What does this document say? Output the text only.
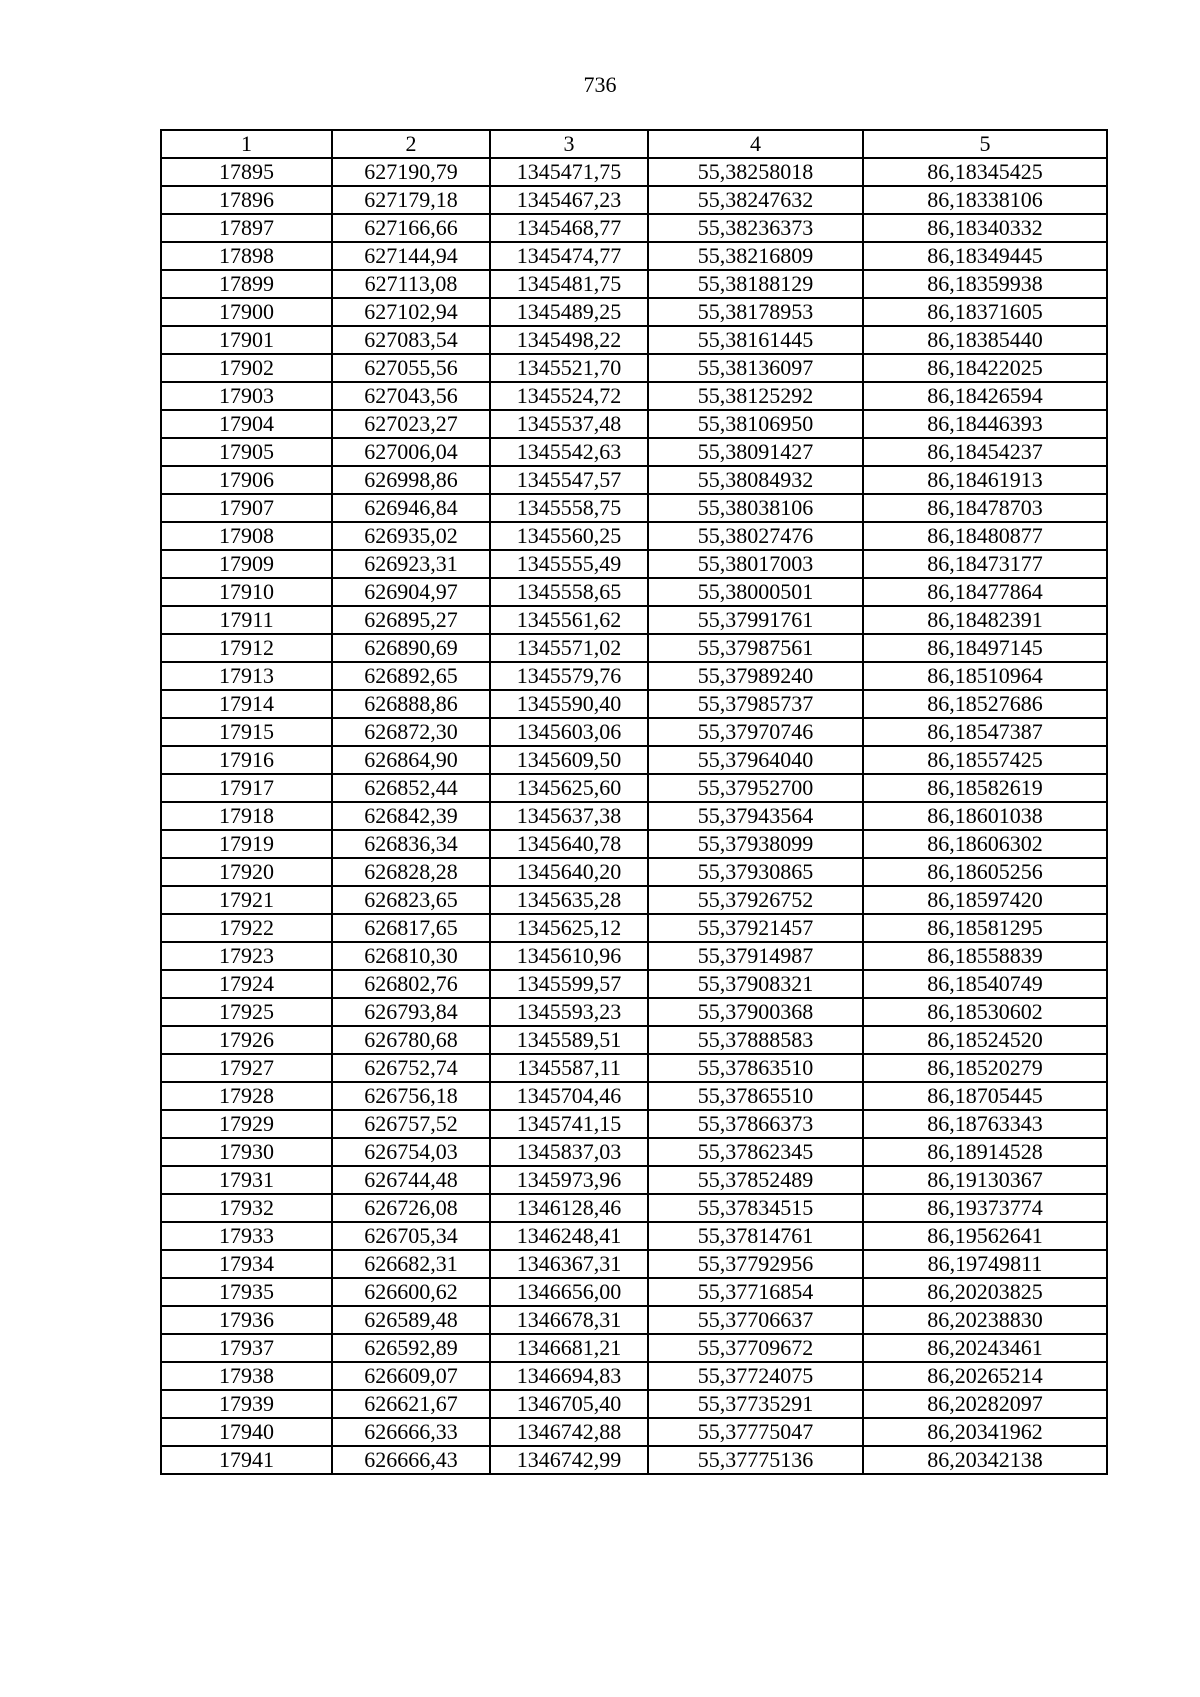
736
1	2	3	4	5
17895	627190,79	1345471,75	55,38258018	86,18345425
17896	627179,18	1345467,23	55,38247632	86,18338106
17897	627166,66	1345468,77	55,38236373	86,18340332
17898	627144,94	1345474,77	55,38216809	86,18349445
17899	627113,08	1345481,75	55,38188129	86,18359938
17900	627102,94	1345489,25	55,38178953	86,18371605
17901	627083,54	1345498,22	55,38161445	86,18385440
17902	627055,56	1345521,70	55,38136097	86,18422025
17903	627043,56	1345524,72	55,38125292	86,18426594
17904	627023,27	1345537,48	55,38106950	86,18446393
17905	627006,04	1345542,63	55,38091427	86,18454237
17906	626998,86	1345547,57	55,38084932	86,18461913
17907	626946,84	1345558,75	55,38038106	86,18478703
17908	626935,02	1345560,25	55,38027476	86,18480877
17909	626923,31	1345555,49	55,38017003	86,18473177
17910	626904,97	1345558,65	55,38000501	86,18477864
17911	626895,27	1345561,62	55,37991761	86,18482391
17912	626890,69	1345571,02	55,37987561	86,18497145
17913	626892,65	1345579,76	55,37989240	86,18510964
17914	626888,86	1345590,40	55,37985737	86,18527686
17915	626872,30	1345603,06	55,37970746	86,18547387
17916	626864,90	1345609,50	55,37964040	86,18557425
17917	626852,44	1345625,60	55,37952700	86,18582619
17918	626842,39	1345637,38	55,37943564	86,18601038
17919	626836,34	1345640,78	55,37938099	86,18606302
17920	626828,28	1345640,20	55,37930865	86,18605256
17921	626823,65	1345635,28	55,37926752	86,18597420
17922	626817,65	1345625,12	55,37921457	86,18581295
17923	626810,30	1345610,96	55,37914987	86,18558839
17924	626802,76	1345599,57	55,37908321	86,18540749
17925	626793,84	1345593,23	55,37900368	86,18530602
17926	626780,68	1345589,51	55,37888583	86,18524520
17927	626752,74	1345587,11	55,37863510	86,18520279
17928	626756,18	1345704,46	55,37865510	86,18705445
17929	626757,52	1345741,15	55,37866373	86,18763343
17930	626754,03	1345837,03	55,37862345	86,18914528
17931	626744,48	1345973,96	55,37852489	86,19130367
17932	626726,08	1346128,46	55,37834515	86,19373774
17933	626705,34	1346248,41	55,37814761	86,19562641
17934	626682,31	1346367,31	55,37792956	86,19749811
17935	626600,62	1346656,00	55,37716854	86,20203825
17936	626589,48	1346678,31	55,37706637	86,20238830
17937	626592,89	1346681,21	55,37709672	86,20243461
17938	626609,07	1346694,83	55,37724075	86,20265214
17939	626621,67	1346705,40	55,37735291	86,20282097
17940	626666,33	1346742,88	55,37775047	86,20341962
17941	626666,43	1346742,99	55,37775136	86,20342138
